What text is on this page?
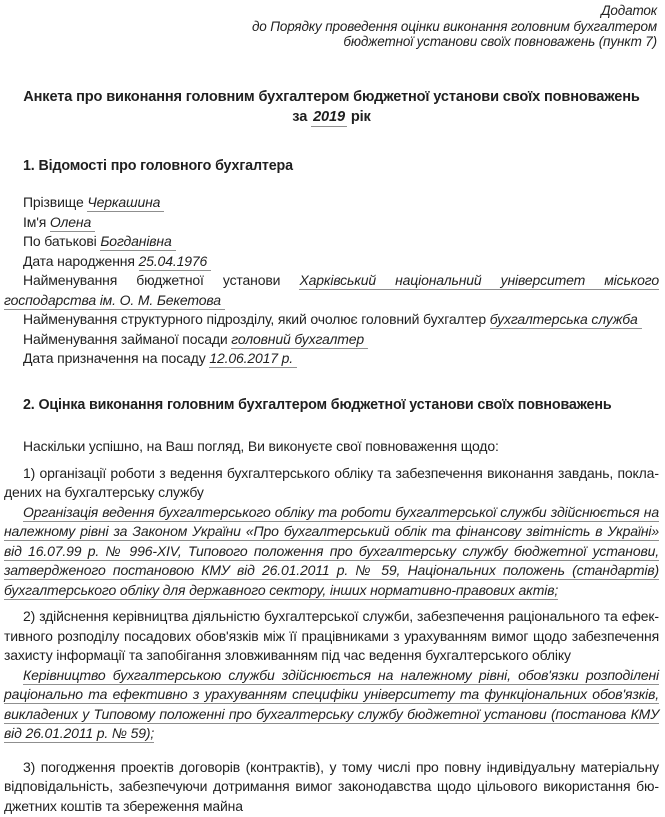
Додаток
до Порядку проведення оцінки виконання головним бухгалтером
бюджетної установи своїх повноважень (пункт 7)
Анкета про виконання головним бухгалтером бюджетної установи своїх повноважень
за 2019 рік
1. Відомості про головного бухгалтера

Прізвище Черкашина

Ім'я Олена

По батькові Богданівна

Дата народження 25.04.1976

Найменування бюджетної установи Харківський національний університет міського господарства ім. О. М. Бекетова

Найменування структурного підрозділу, який очолює головний бухгалтер бухгалтерська служба

Найменування займаної посади головний бухгалтер

Дата призначення на посаду 12.06.2017 р.

2. Оцінка виконання головним бухгалтером бюджетної установи своїх повноважень

Наскільки успішно, на Ваш погляд, Ви виконуєте свої повноваження щодо:

1) організації роботи з ведення бухгалтерського обліку та забезпечення виконання завдань, покладених на бухгалтерську службу

Організація ведення бухгалтерського обліку та роботи бухгалтерської служби здійснюється на належному рівні за Законом України «Про бухгалтерський облік та фінансову звітність в Україні» від 16.07.99 р. № 996-XIV, Типового положення про бухгалтерську службу бюджетної установи, затвердженого постановою КМУ від 26.01.2011 р. № 59, Національних положень (стандартів) бухгалтерського обліку для державного сектору, інших нормативно-правових актів;

2) здійснення керівництва діяльністю бухгалтерської служби, забезпечення раціонального та ефективного розподілу посадових обов'язків між її працівниками з урахуванням вимог щодо забезпечення захисту інформації та запобігання зловживанням під час ведення бухгалтерського обліку

Керівництво бухгалтерською служби здійснюється на належному рівні, обов'язки розподілені раціонально та ефективно з урахуванням специфіки університету та функціональних обов'язків, викладених у Типовому положенні про бухгалтерську службу бюджетної установи (постанова КМУ від 26.01.2011 р. № 59);

3) погодження проектів договорів (контрактів), у тому числі про повну індивідуальну матеріальну відповідальність, забезпечуючи дотримання вимог законодавства щодо цільового використання бюджетних коштів та збереження майна
